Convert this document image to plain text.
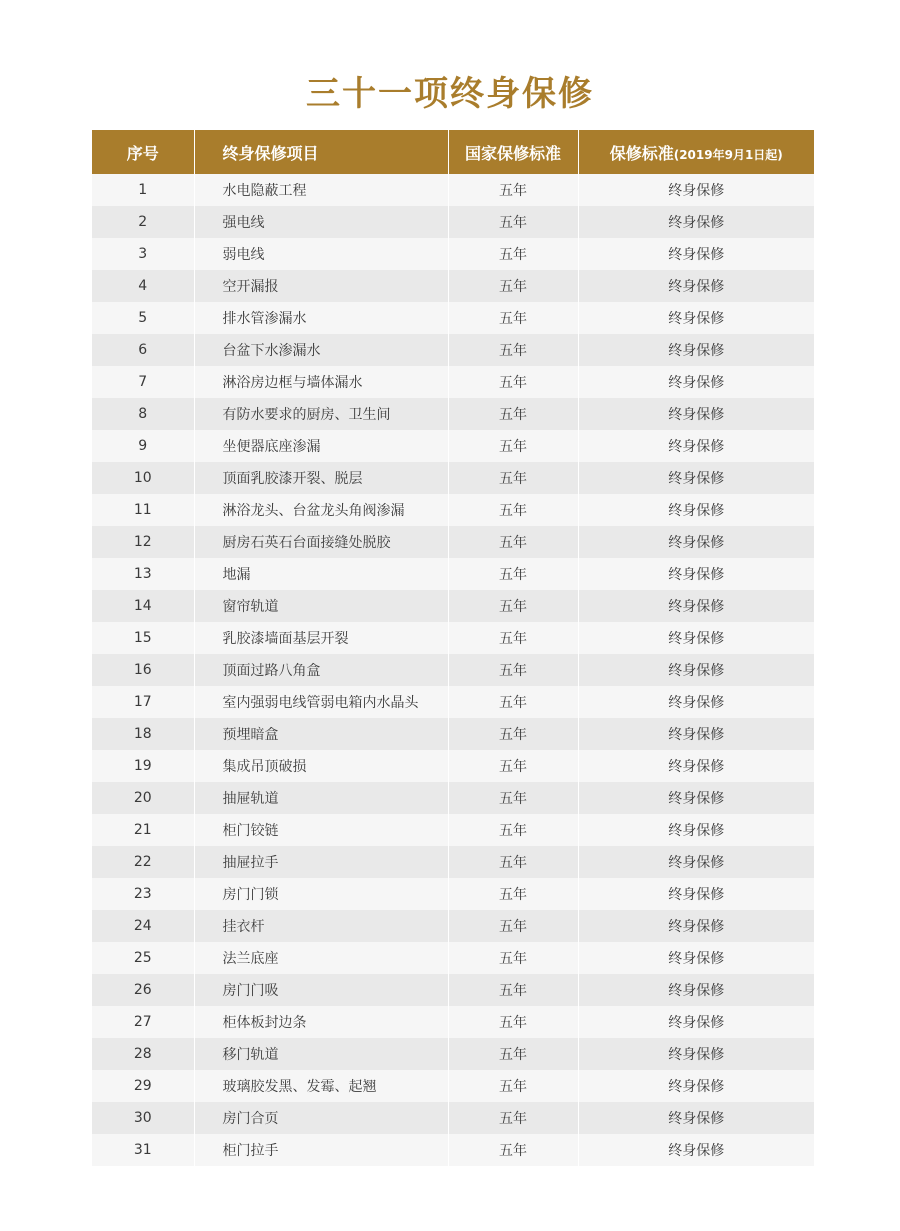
三十一项终身保修
序号	终身保修项目	国家保修标准	保修标准(2019年9月1日起)
1	水电隐蔽工程	五年	终身保修
2	强电线	五年	终身保修
3	弱电线	五年	终身保修
4	空开漏报	五年	终身保修
5	排水管渗漏水	五年	终身保修
6	台盆下水渗漏水	五年	终身保修
7	淋浴房边框与墙体漏水	五年	终身保修
8	有防水要求的厨房、卫生间	五年	终身保修
9	坐便器底座渗漏	五年	终身保修
10	顶面乳胶漆开裂、脱层	五年	终身保修
11	淋浴龙头、台盆龙头角阀渗漏	五年	终身保修
12	厨房石英石台面接缝处脱胶	五年	终身保修
13	地漏	五年	终身保修
14	窗帘轨道	五年	终身保修
15	乳胶漆墙面基层开裂	五年	终身保修
16	顶面过路八角盒	五年	终身保修
17	室内强弱电线管弱电箱内水晶头	五年	终身保修
18	预埋暗盒	五年	终身保修
19	集成吊顶破损	五年	终身保修
20	抽屉轨道	五年	终身保修
21	柜门铰链	五年	终身保修
22	抽屉拉手	五年	终身保修
23	房门门锁	五年	终身保修
24	挂衣杆	五年	终身保修
25	法兰底座	五年	终身保修
26	房门门吸	五年	终身保修
27	柜体板封边条	五年	终身保修
28	移门轨道	五年	终身保修
29	玻璃胶发黑、发霉、起翘	五年	终身保修
30	房门合页	五年	终身保修
31	柜门拉手	五年	终身保修
